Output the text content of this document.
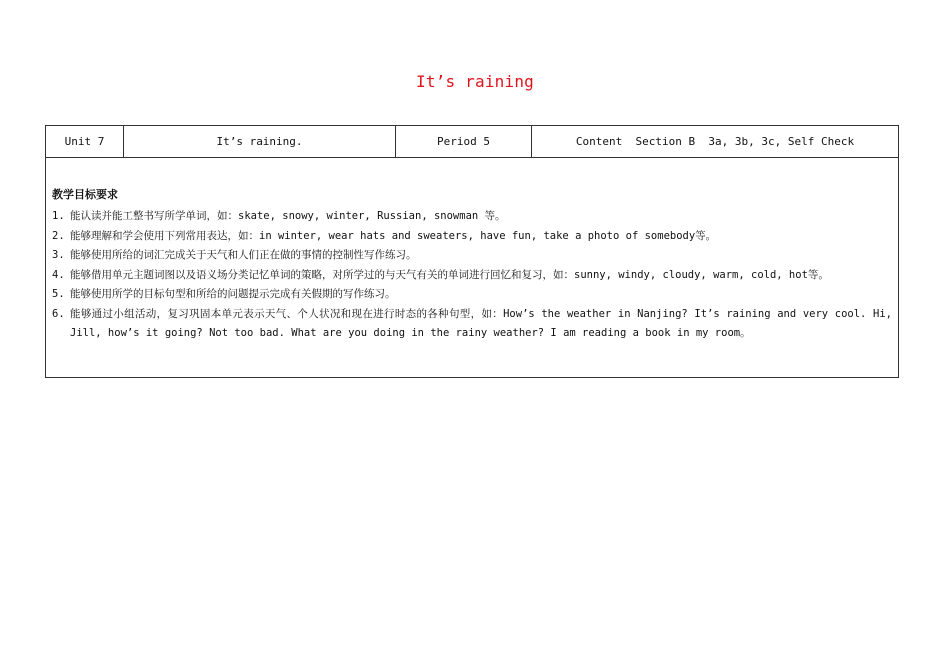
It’s raining
Unit 7	It’s raining.	Period 5	Content  Section B  3a, 3b, 3c, Self Check

教学目标要求
1. 能认读并能工整书写所学单词，如：skate, snowy, winter, Russian, snowman 等。
2. 能够理解和学会使用下列常用表达，如：in winter, wear hats and sweaters, have fun, take a photo of somebody等。
3. 能够使用所给的词汇完成关于天气和人们正在做的事情的控制性写作练习。
4. 能够借用单元主题词图以及语义场分类记忆单词的策略，对所学过的与天气有关的单词进行回忆和复习，如：sunny, windy, cloudy, warm, cold, hot等。
5. 能够使用所学的目标句型和所给的问题提示完成有关假期的写作练习。
6. 能够通过小组活动，复习巩固本单元表示天气、个人状况和现在进行时态的各种句型，如：How’s the weather in Nanjing? It’s raining and very cool. Hi, Jill, how’s it going? Not too bad. What are you doing in the rainy weather? I am reading a book in my room。
